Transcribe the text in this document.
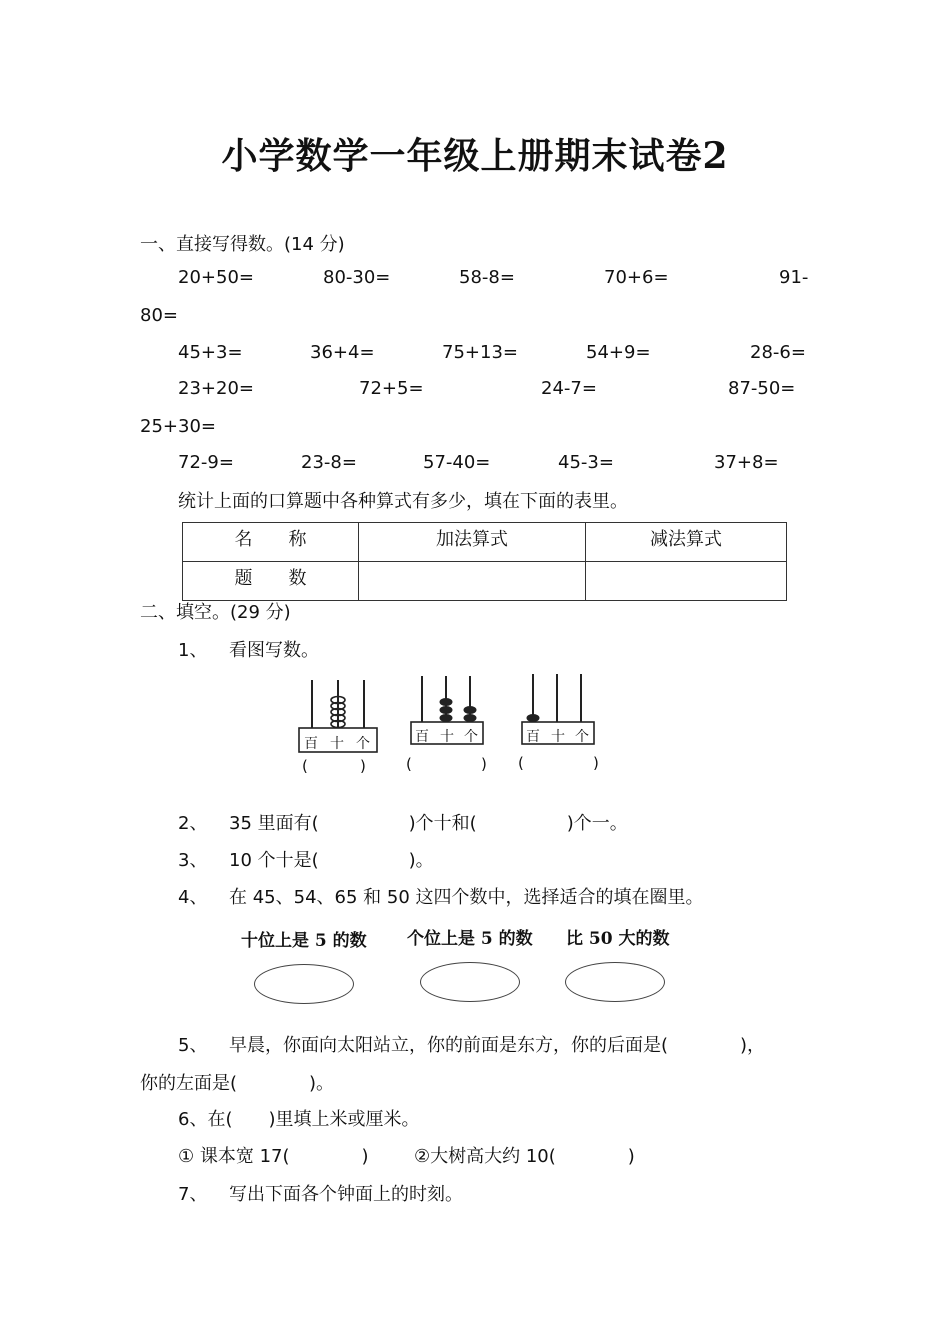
小学数学一年级上册期末试卷2
一、直接写得数。(14 分)
20+50=	80-30=	58-8=	70+6=	91-
80=
45+3=	36+4=	75+13=	54+9=	28-6=
23+20=	72+5=	24-7=	87-50=
25+30=
72-9=	23-8=	57-40=	45-3=	37+8=
统计上面的口算题中各种算式有多少，填在下面的表里。
名　　称	加法算式	减法算式
题　　数		
二、填空。(29 分)
1、 看图写数。
百 十 个
(	)
百 十 个
(	)
百 十 个
(	)
2、 35 里面有(　　　　　)个十和(　　　　　)个一。
3、 10 个十是(　　　　　)。
4、 在 45、54、65 和 50 这四个数中，选择适合的填在圈里。
十位上是 5 的数 个位上是 5 的数 比 50 大的数
5、 早晨，你面向太阳站立，你的前面是东方，你的后面是(　　　　)，
你的左面是(　　　　)。
6、在(　　)里填上米或厘米。
① 课本宽 17(　　　　)	②大树高大约 10(　　　　)
7、 写出下面各个钟面上的时刻。
